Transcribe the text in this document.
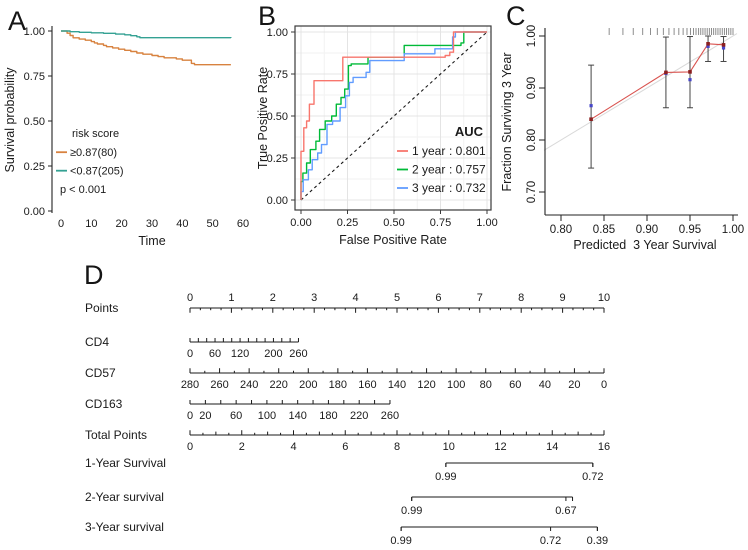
A	B	C
D
0.00
0.25
0.50
0.75
1.00
0 10 20 30 40 50 60
Survival probability
Time
risk score
≥0.87(80)
<0.87(205)
p < 0.001
0.00
0.00
0.25
0.25
0.50
0.50
0.75
0.75
1.00
1.00
False Positive Rate
True Positive Rate	AUC
1 year : 0.801
2 year : 0.757
3 year : 0.732	0.70
0.80
0.90
1.00
0.80 0.85 0.90 0.95 1.00
Predicted  3 Year Survival
Fraction Surviving 3 Year
Points
0	1	2	3	4	5	6	7	8	9	10
CD4
0 60 120 200 260
CD57
280 260 240 220 200 180 160 140 120 100 80 60 40 20 0
CD163
0 20 60 100 140 180 220 260
Total Points
0	2	4	6	8	10	12	14	16
1-Year Survival
0.99	0.72
2-Year survival
0.99	0.67
3-Year survival
0.99	0.72 0.39
